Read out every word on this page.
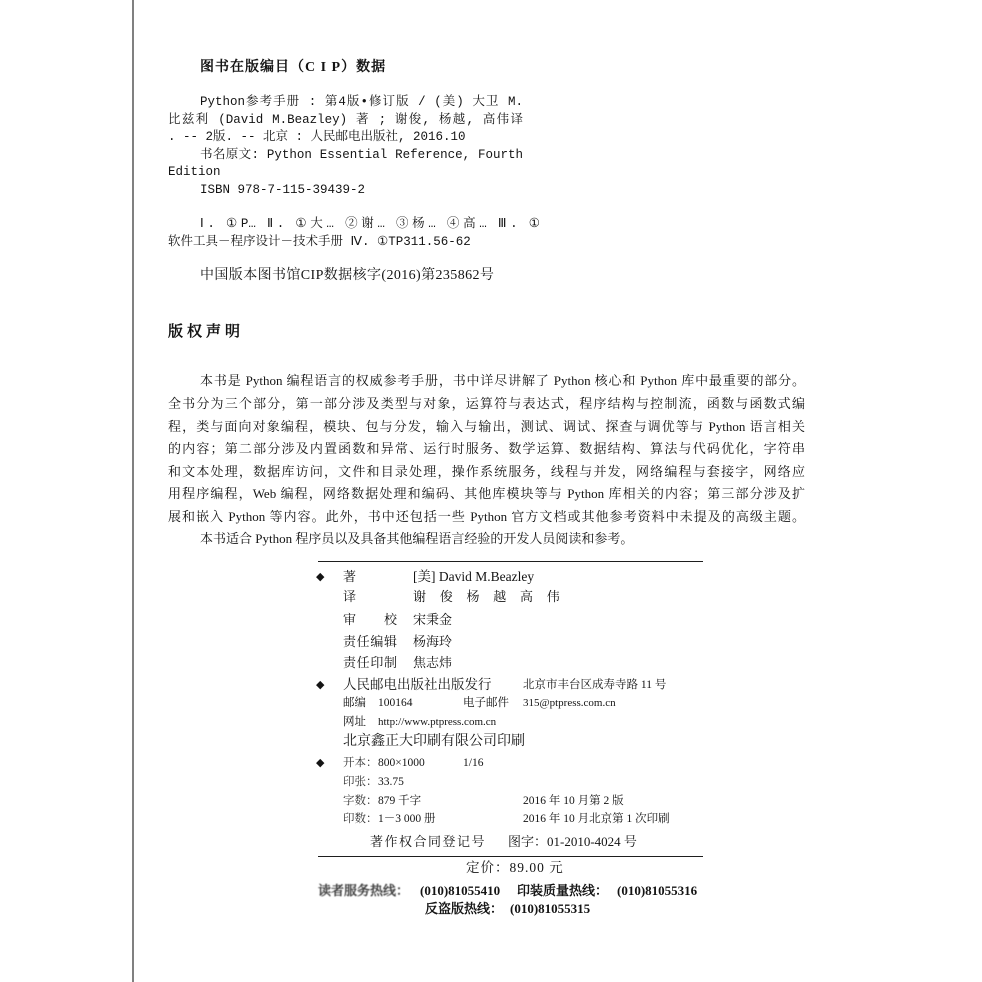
图书在版编目（C I P）数据
Python参考手册 : 第4版•修订版 / (美) 大卫 M.
比兹利 (David M.Beazley) 著 ; 谢俊, 杨越, 高伟译
. -- 2版. -- 北京 : 人民邮电出版社, 2016.10
书名原文: Python Essential Reference, Fourth
Edition
ISBN 978-7-115-39439-2
Ⅰ. ①P… Ⅱ. ①大… ②谢… ③杨… ④高… Ⅲ. ①
软件工具－程序设计－技术手册 Ⅳ. ①TP311.56-62
中国版本图书馆CIP数据核字(2016)第235862号
版权声明
本书是 Python 编程语言的权威参考手册，书中详尽讲解了 Python 核心和 Python 库中最重要的部分。
全书分为三个部分，第一部分涉及类型与对象，运算符与表达式，程序结构与控制流，函数与函数式编
程，类与面向对象编程，模块、包与分发，输入与输出，测试、调试、探查与调优等与 Python 语言相关
的内容；第二部分涉及内置函数和异常、运行时服务、数学运算、数据结构、算法与代码优化，字符串
和文本处理，数据库访问，文件和目录处理，操作系统服务，线程与并发，网络编程与套接字，网络应
用程序编程，Web 编程，网络数据处理和编码、其他库模块等与 Python 库相关的内容；第三部分涉及扩
展和嵌入 Python 等内容。此外，书中还包括一些 Python 官方文档或其他参考资料中未提及的高级主题。
本书适合 Python 程序员以及具备其他编程语言经验的开发人员阅读和参考。
◆ 著	[美] David M.Beazley
译	谢 俊 杨 越 高 伟
审 校 宋秉金
责任编辑 杨海玲
责任印制 焦志炜
◆ 人民邮电出版社出版发行	北京市丰台区成寿寺路 11 号
邮编 100164	电子邮件 315@ptpress.com.cn
网址 http://www.ptpress.com.cn
北京鑫正大印刷有限公司印刷
◆ 开本： 800×1000	1/16
印张： 33.75
字数： 879 千字	2016 年 10 月第 2 版
印数： 1－3 000 册	2016 年 10 月北京第 1 次印刷
著作权合同登记号 图字：01-2010-4024 号
定价：89.00 元
读者服务热线： (010)81055410 印装质量热线： (010)81055316
反盗版热线： (010)81055315
